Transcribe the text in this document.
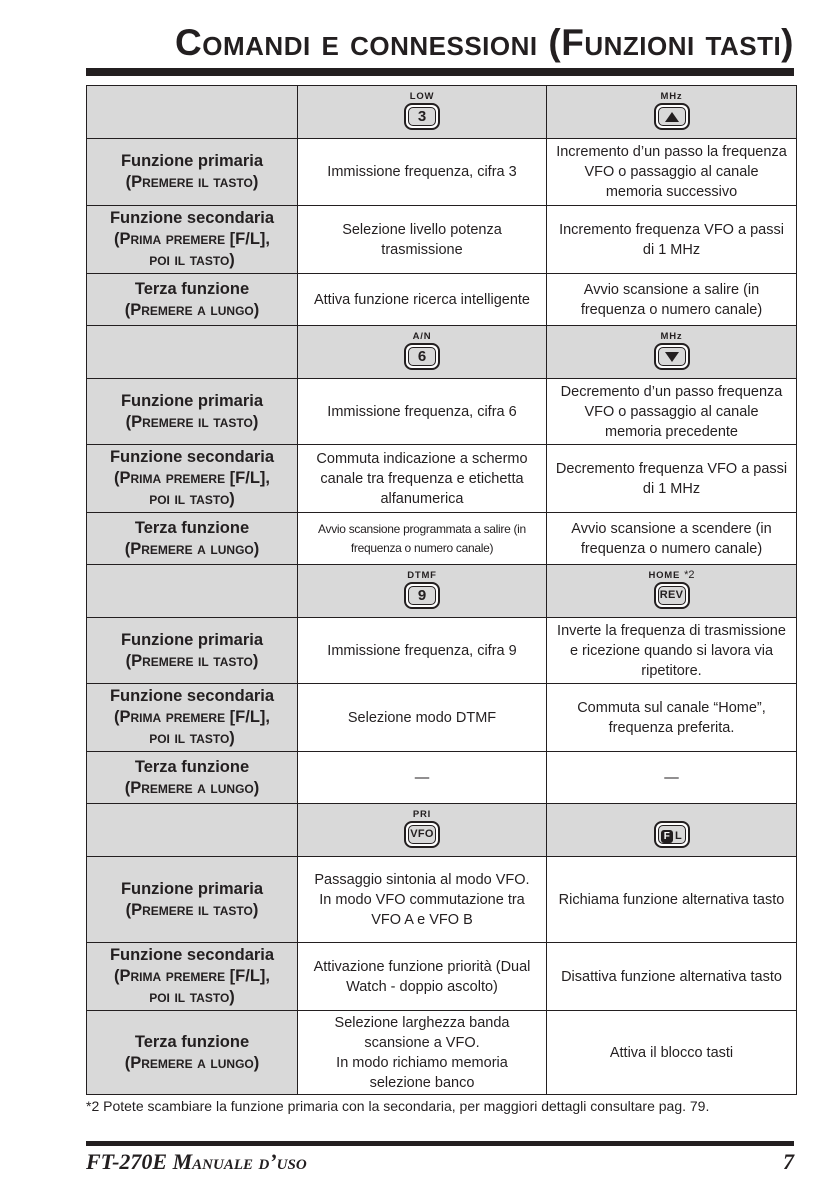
Comandi e connessioni (Funzioni tasti)

	LOW
3	MHz

Funzione primaria
(Premere il tasto)	Immissione frequenza, cifra 3	Incremento d’un passo la frequenza VFO o passaggio al canale memoria successivo

Funzione secondaria
(Prima premere [F/L],
poi il tasto)	Selezione livello potenza trasmissione	Incremento frequenza VFO a passi di 1 MHz

Terza funzione
(Premere a lungo)	Attiva funzione ricerca intelligente	Avvio scansione a salire (in frequenza o numero canale)

	A/N
6	MHz

Funzione primaria
(Premere il tasto)	Immissione frequenza, cifra 6	Decremento d’un passo frequenza VFO o passaggio al canale memoria precedente

Funzione secondaria
(Prima premere [F/L],
poi il tasto)	Commuta indicazione a schermo canale tra frequenza e etichetta alfanumerica	Decremento frequenza VFO a passi di 1 MHz

Terza funzione
(Premere a lungo)	Avvio scansione programmata a salire (in frequenza o numero canale)	Avvio scansione a scendere (in frequenza o numero canale)

	DTMF
9	HOME *2
REV

Funzione primaria
(Premere il tasto)	Immissione frequenza, cifra 9	Inverte la frequenza di trasmissione e ricezione quando si lavora via ripetitore.

Funzione secondaria
(Prima premere [F/L],
poi il tasto)	Selezione modo DTMF	Commuta sul canale “Home”, frequenza preferita.

Terza funzione
(Premere a lungo)	—	—

	PRI
VFO	F L

Funzione primaria
(Premere il tasto)	Passaggio sintonia al modo VFO.
In modo VFO commutazione tra VFO A e VFO B	Richiama funzione alternativa tasto

Funzione secondaria
(Prima premere [F/L],
poi il tasto)	Attivazione funzione priorità (Dual Watch - doppio ascolto)	Disattiva funzione alternativa tasto

Terza funzione
(Premere a lungo)	Selezione larghezza banda scansione a VFO.
In modo richiamo memoria selezione banco	Attiva il blocco tasti

*2 Potete scambiare la funzione primaria con la secondaria, per maggiori dettagli consultare pag. 79.

FT-270E Manuale d’uso	7
